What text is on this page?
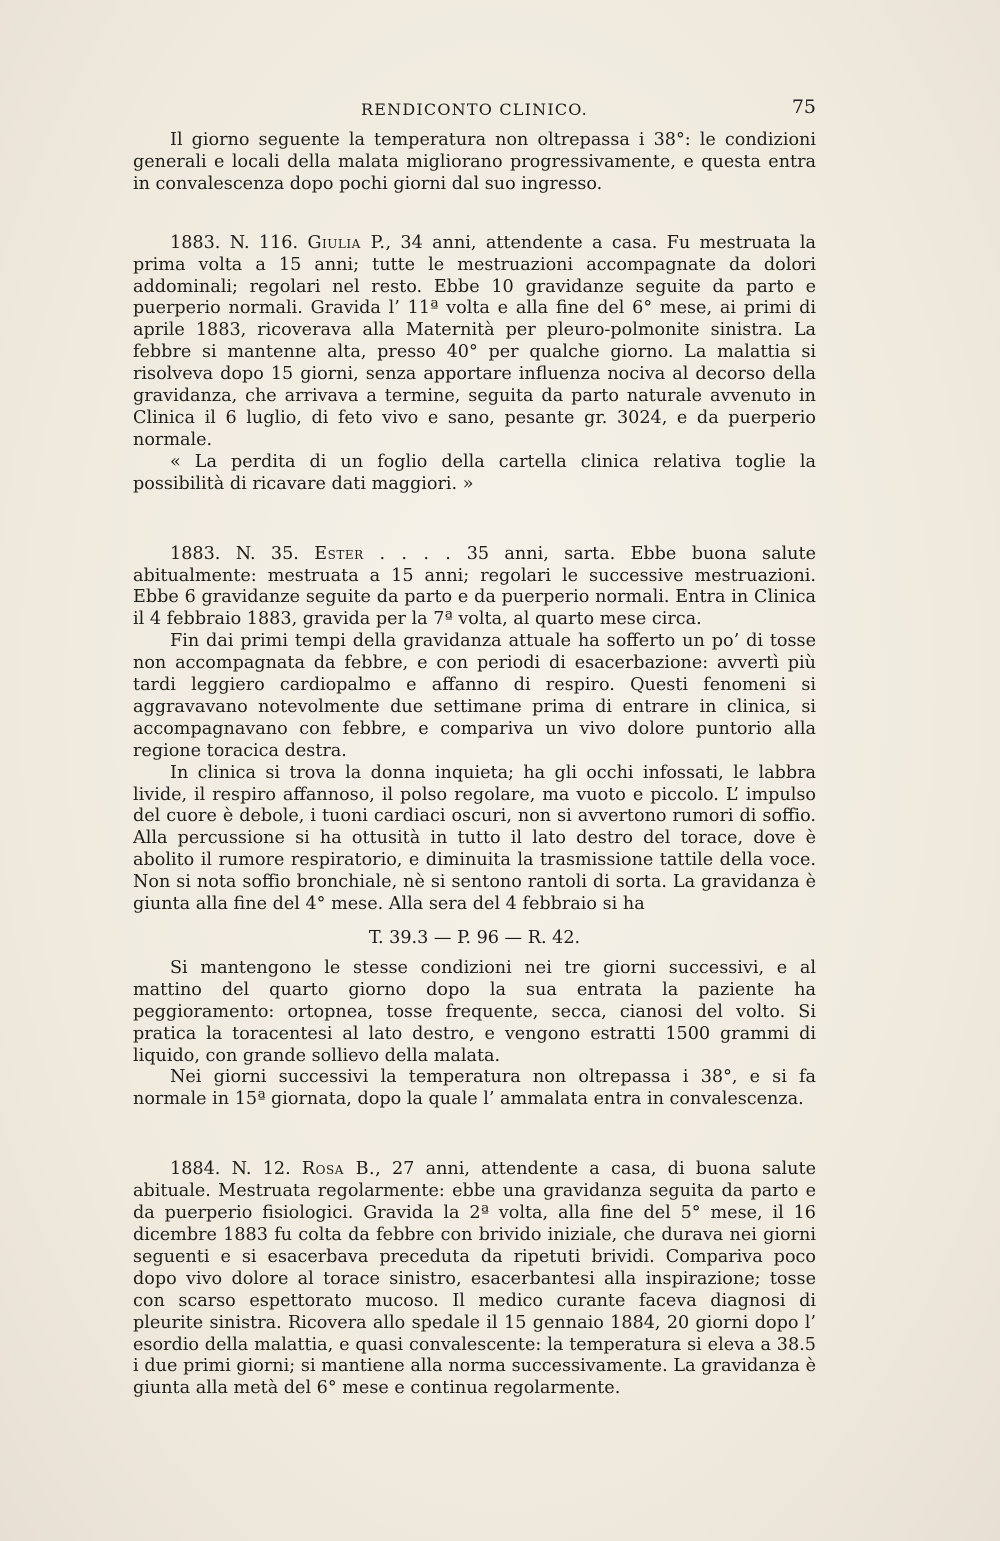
RENDICONTO CLINICO.	75

Il giorno seguente la temperatura non oltrepassa i 38°: le condizioni generali e locali della malata migliorano progressivamente, e questa entra in convalescenza dopo pochi giorni dal suo ingresso.

1883. N. 116. Giulia P., 34 anni, attendente a casa. Fu mestruata la prima volta a 15 anni; tutte le mestruazioni accompagnate da dolori addominali; regolari nel resto. Ebbe 10 gravidanze seguite da parto e puerperio normali. Gravida l’ 11ª volta e alla fine del 6° mese, ai primi di aprile 1883, ricoverava alla Maternità per pleuro-polmonite sinistra. La febbre si mantenne alta, presso 40° per qualche giorno. La malattia si risolveva dopo 15 giorni, senza apportare influenza nociva al decorso della gravidanza, che arrivava a termine, seguita da parto naturale avvenuto in Clinica il 6 luglio, di feto vivo e sano, pesante gr. 3024, e da puerperio normale.

« La perdita di un foglio della cartella clinica relativa toglie la possibilità di ricavare dati maggiori. »

1883. N. 35. Ester . . . . 35 anni, sarta. Ebbe buona salute abitualmente: mestruata a 15 anni; regolari le successive mestruazioni. Ebbe 6 gravidanze seguite da parto e da puerperio normali. Entra in Clinica il 4 febbraio 1883, gravida per la 7ª volta, al quarto mese circa.

Fin dai primi tempi della gravidanza attuale ha sofferto un po’ di tosse non accompagnata da febbre, e con periodi di esacerbazione: avvertì più tardi leggiero cardiopalmo e affanno di respiro. Questi fenomeni si aggravavano notevolmente due settimane prima di entrare in clinica, si accompagnavano con febbre, e compariva un vivo dolore puntorio alla regione toracica destra.

In clinica si trova la donna inquieta; ha gli occhi infossati, le labbra livide, il respiro affannoso, il polso regolare, ma vuoto e piccolo. L’ impulso del cuore è debole, i tuoni cardiaci oscuri, non si avvertono rumori di soffio. Alla percussione si ha ottusità in tutto il lato destro del torace, dove è abolito il rumore respiratorio, e diminuita la trasmissione tattile della voce. Non si nota soffio bronchiale, nè si sentono rantoli di sorta. La gravidanza è giunta alla fine del 4° mese. Alla sera del 4 febbraio si ha

T. 39.3 — P. 96 — R. 42.

Si mantengono le stesse condizioni nei tre giorni successivi, e al mattino del quarto giorno dopo la sua entrata la paziente ha peggioramento: ortopnea, tosse frequente, secca, cianosi del volto. Si pratica la toracentesi al lato destro, e vengono estratti 1500 grammi di liquido, con grande sollievo della malata.

Nei giorni successivi la temperatura non oltrepassa i 38°, e si fa normale in 15ª giornata, dopo la quale l’ ammalata entra in convalescenza.

1884. N. 12. Rosa B., 27 anni, attendente a casa, di buona salute abituale. Mestruata regolarmente: ebbe una gravidanza seguita da parto e da puerperio fisiologici. Gravida la 2ª volta, alla fine del 5° mese, il 16 dicembre 1883 fu colta da febbre con brivido iniziale, che durava nei giorni seguenti e si esacerbava preceduta da ripetuti brividi. Compariva poco dopo vivo dolore al torace sinistro, esacerbantesi alla inspirazione; tosse con scarso espettorato mucoso. Il medico curante faceva diagnosi di pleurite sinistra. Ricovera allo spedale il 15 gennaio 1884, 20 giorni dopo l’ esordio della malattia, e quasi convalescente: la temperatura si eleva a 38.5 i due primi giorni; si mantiene alla norma successivamente. La gravidanza è giunta alla metà del 6° mese e continua regolarmente.
